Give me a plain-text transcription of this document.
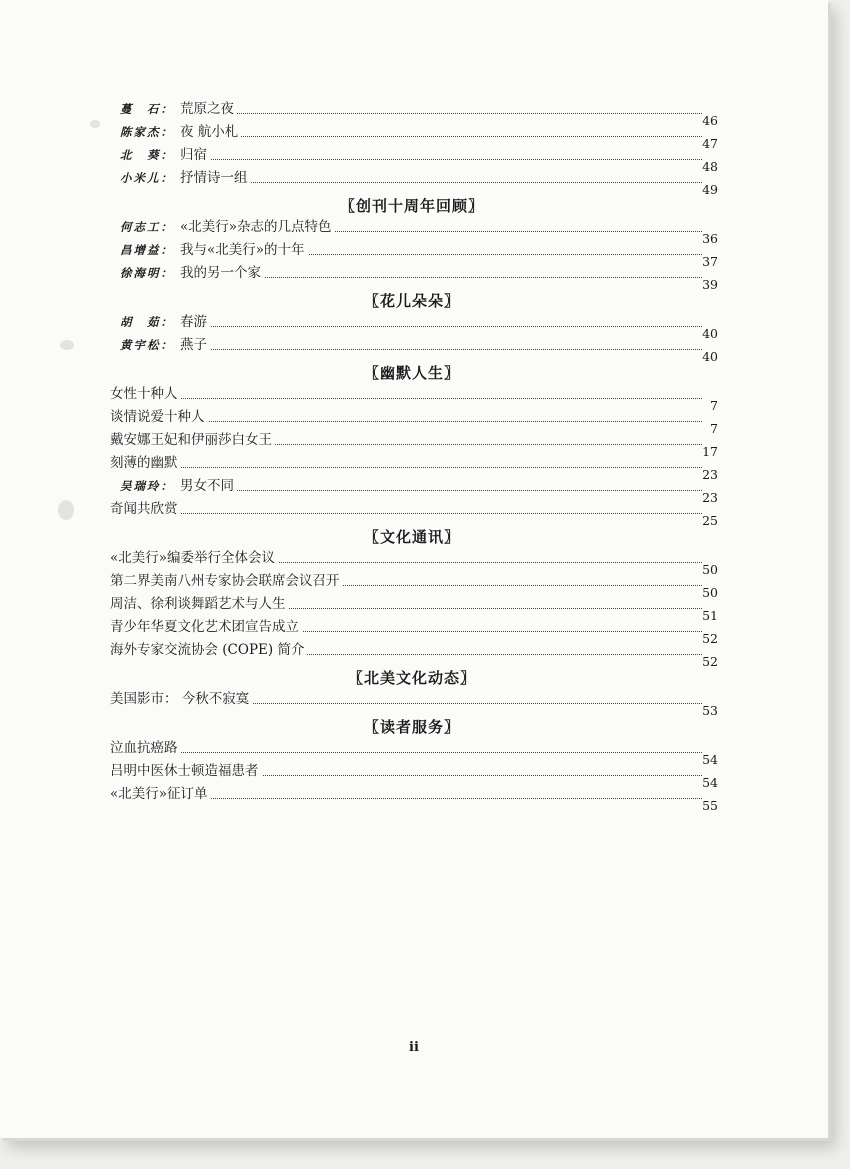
蔓　石： 荒原之夜
46
陈家杰： 夜 航小札
47
北　葵： 归宿
48
小米儿： 抒情诗一组
49
〖创刊十周年回顾〗
何志工： «北美行»杂志的几点特色
36
昌增益： 我与«北美行»的十年
37
徐海明： 我的另一个家
39
〖花儿朵朵〗
胡　茹： 春游
40
黄宇松： 燕子
40
〖幽默人生〗
女性十种人
7
谈情说爱十种人
7
戴安娜王妃和伊丽莎白女王
17
刻薄的幽默
23
吴瑞玲： 男女不同
23
奇闻共欣赏
25
〖文化通讯〗
«北美行»编委举行全体会议
50
第二界美南八州专家协会联席会议召开
50
周洁、徐利谈舞蹈艺术与人生
51
青少年华夏文化艺术团宣告成立
52
海外专家交流协会 (COPE) 简介
52
〖北美文化动态〗
美国影市： 今秋不寂寞
53
〖读者服务〗
泣血抗癌路
54
吕明中医休士顿造福患者
54
«北美行»征订单
55
ii
